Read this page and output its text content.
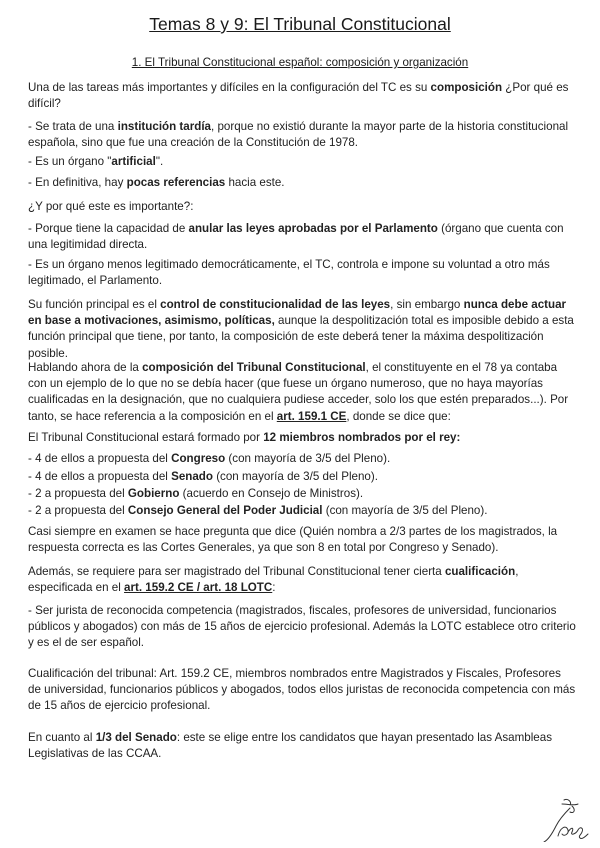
Temas 8 y 9: El Tribunal Constitucional
1. El Tribunal Constitucional español: composición y organización

Una de las tareas más importantes y difíciles en la configuración del TC es su composición ¿Por qué es difícil?

- Se trata de una institución tardía, porque no existió durante la mayor parte de la historia constitucional española, sino que fue una creación de la Constitución de 1978.

- Es un órgano "artificial".

- En definitiva, hay pocas referencias hacia este.

¿Y por qué este es importante?:

- Porque tiene la capacidad de anular las leyes aprobadas por el Parlamento (órgano que cuenta con una legitimidad directa.

- Es un órgano menos legitimado democráticamente, el TC, controla e impone su voluntad a otro más legitimado, el Parlamento.

Su función principal es el control de constitucionalidad de las leyes, sin embargo nunca debe actuar en base a motivaciones, asimismo, políticas, aunque la despolitización total es imposible debido a esta función principal que tiene, por tanto, la composición de este deberá tener la máxima despolitización posible.

Hablando ahora de la composición del Tribunal Constitucional, el constituyente en el 78 ya contaba con un ejemplo de lo que no se debía hacer (que fuese un órgano numeroso, que no haya mayorías cualificadas en la designación, que no cualquiera pudiese acceder, solo los que estén preparados...). Por tanto, se hace referencia a la composición en el art. 159.1 CE, donde se dice que:

El Tribunal Constitucional estará formado por 12 miembros nombrados por el rey:

- 4 de ellos a propuesta del Congreso (con mayoría de 3/5 del Pleno).

- 4 de ellos a propuesta del Senado (con mayoría de 3/5 del Pleno).

- 2 a propuesta del Gobierno (acuerdo en Consejo de Ministros).

- 2 a propuesta del Consejo General del Poder Judicial (con mayoría de 3/5 del Pleno).

Casi siempre en examen se hace pregunta que dice (Quién nombra a 2/3 partes de los magistrados, la respuesta correcta es las Cortes Generales, ya que son 8 en total por Congreso y Senado).

Además, se requiere para ser magistrado del Tribunal Constitucional tener cierta cualificación, especificada en el art. 159.2 CE / art. 18 LOTC:

- Ser jurista de reconocida competencia (magistrados, fiscales, profesores de universidad, funcionarios públicos y abogados) con más de 15 años de ejercicio profesional. Además la LOTC establece otro criterio y es el de ser español.

Cualificación del tribunal: Art. 159.2 CE, miembros nombrados entre Magistrados y Fiscales, Profesores de universidad, funcionarios públicos y abogados, todos ellos juristas de reconocida competencia con más de 15 años de ejercicio profesional.

En cuanto al 1/3 del Senado: este se elige entre los candidatos que hayan presentado las Asambleas Legislativas de las CCAA.
